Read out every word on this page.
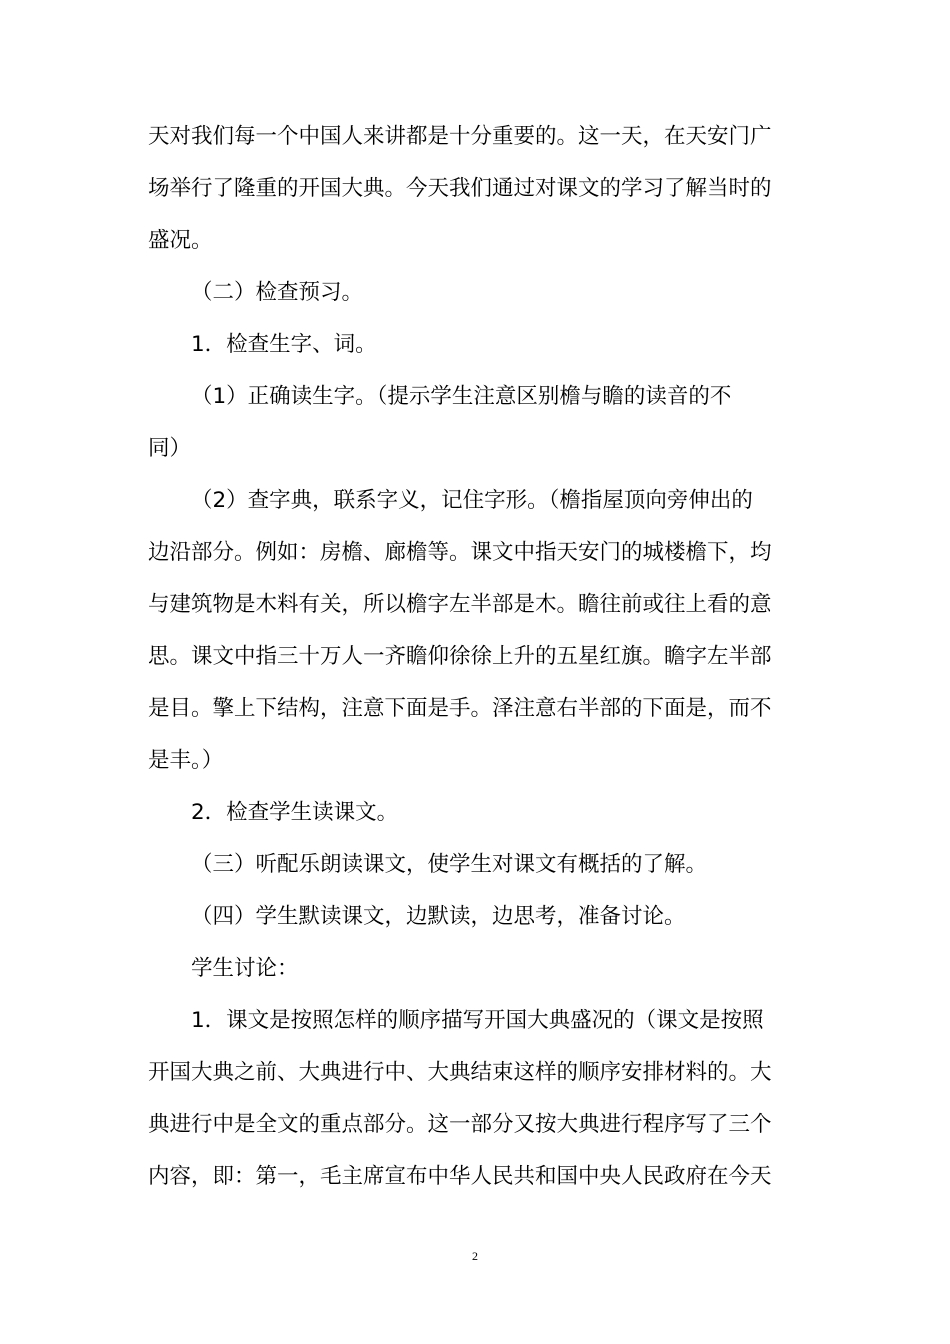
天对我们每一个中国人来讲都是十分重要的。这一天，在天安门广
场举行了隆重的开国大典。今天我们通过对课文的学习了解当时的
盛况。
（二）检查预习。
1．检查生字、词。
（1）正确读生字。（提示学生注意区别檐与瞻的读音的不
同）
（2）查字典，联系字义，记住字形。（檐指屋顶向旁伸出的
边沿部分。例如：房檐、廊檐等。课文中指天安门的城楼檐下，均
与建筑物是木料有关，所以檐字左半部是木。瞻往前或往上看的意
思。课文中指三十万人一齐瞻仰徐徐上升的五星红旗。瞻字左半部
是目。擎上下结构，注意下面是手。泽注意右半部的下面是，而不
是丰。）
2．检查学生读课文。
（三）听配乐朗读课文，使学生对课文有概括的了解。
（四）学生默读课文，边默读，边思考，准备讨论。
学生讨论：
1．课文是按照怎样的顺序描写开国大典盛况的（课文是按照
开国大典之前、大典进行中、大典结束这样的顺序安排材料的。大
典进行中是全文的重点部分。这一部分又按大典进行程序写了三个
内容，即：第一，毛主席宣布中华人民共和国中央人民政府在今天
2
